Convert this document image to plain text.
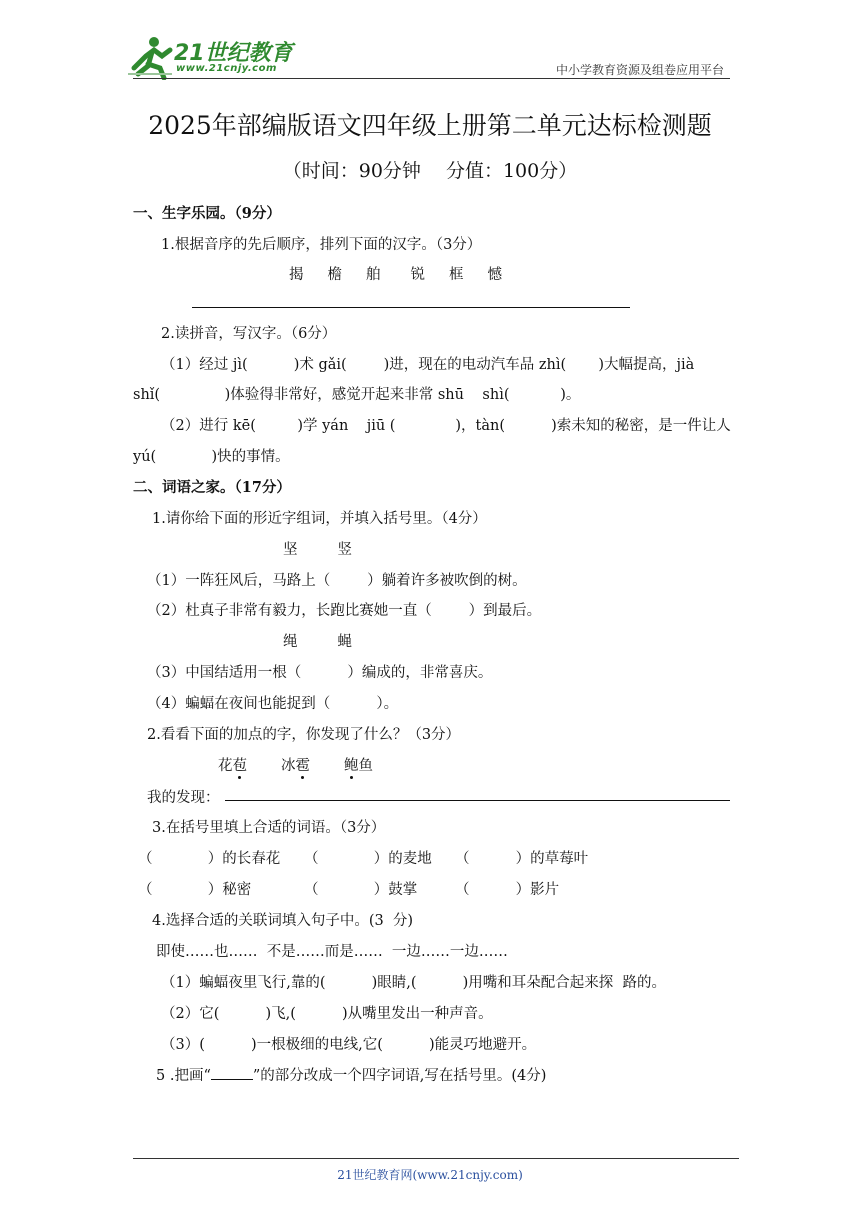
21世纪教育
www.21cnjy.com	中小学教育资源及组卷应用平台
2025年部编版语文四年级上册第二单元达标检测题
（时间：90分钟　 分值：100分）
一、生字乐园。（9分）
1.根据音序的先后顺序，排列下面的汉字。（3分）
揭 檐 舶 锐 框 憾
2.读拼音，写汉字。（6分）
（1）经过 jì(          )术 gǎi(        )进，现在的电动汽车品 zhì(       )大幅提高，jià
shǐ(              )体验得非常好，感觉开起来非常 shū    shì(           )。
（2）进行 kē(         )学 yán    jiū (             )，tàn(          )索未知的秘密，是一件让人
yú(            )快的事情。
二、词语之家。（17分）
1.请你给下面的形近字组词，并填入括号里。（4分）
坚	竖
（1）一阵狂风后，马路上（        ）躺着许多被吹倒的树。
（2）杜真子非常有毅力，长跑比赛她一直（        ）到最后。
绳	蝇
（3）中国结适用一根（          ）编成的，非常喜庆。
（4）蝙蝠在夜间也能捉到（          ）。
2.看看下面的加点的字，你发现了什么？（3分）
花苞 冰雹 鲍鱼
我的发现：
3.在括号里填上合适的词语。（3分）
（            ）的长春花 （            ）的麦地 （          ）的草莓叶
（            ）秘密	（            ）鼓掌	（          ）影片
4.选择合适的关联词填入句子中。(3  分)
即使……也……  不是……而是……  一边……一边……
（1）蝙蝠夜里飞行,靠的(          )眼睛,(          )用嘴和耳朵配合起来探  路的。
（2）它(          )飞,(          )从嘴里发出一种声音。
（3）(          )一根极细的电线,它(          )能灵巧地避开。
5 .把画“	”的部分改成一个四字词语,写在括号里。(4分)
21世纪教育网(www.21cnjy.com)
